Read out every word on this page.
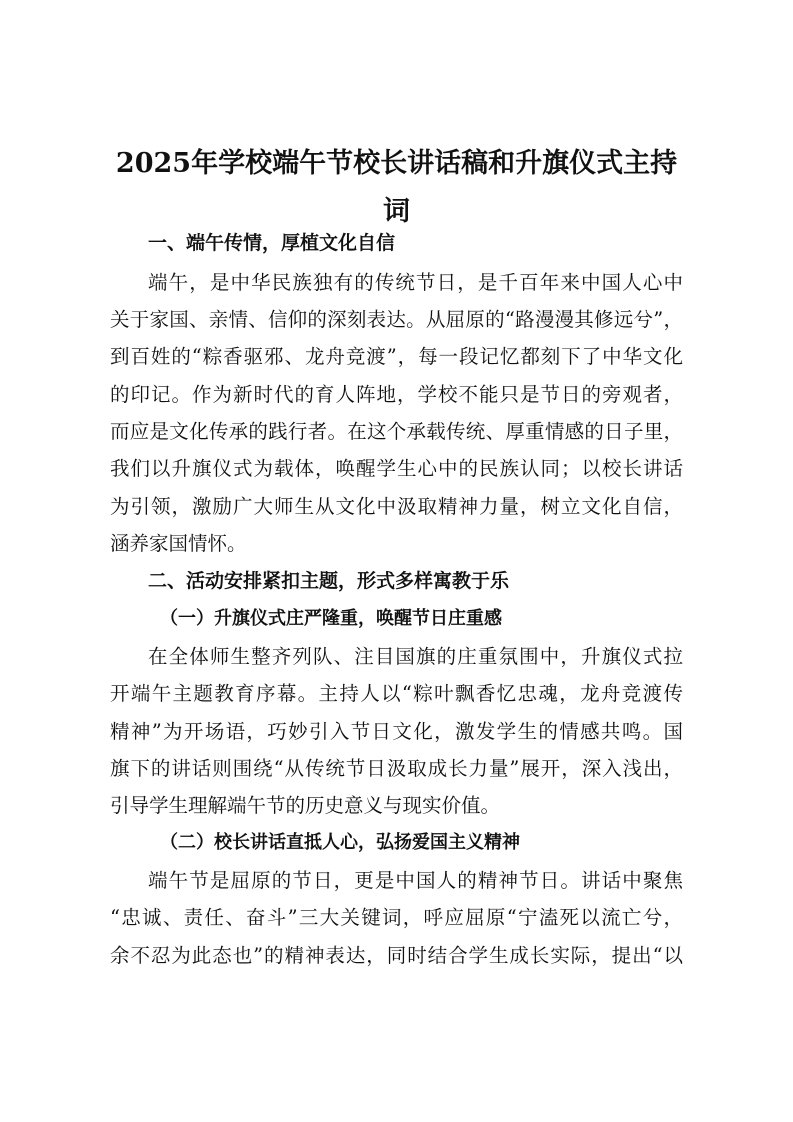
2025年学校端午节校长讲话稿和升旗仪式主持词
一、端午传情，厚植文化自信

端午，是中华民族独有的传统节日，是千百年来中国人心中

关于家国、亲情、信仰的深刻表达。从屈原的“路漫漫其修远兮”，

到百姓的“粽香驱邪、龙舟竞渡”，每一段记忆都刻下了中华文化

的印记。作为新时代的育人阵地，学校不能只是节日的旁观者，

而应是文化传承的践行者。在这个承载传统、厚重情感的日子里，

我们以升旗仪式为载体，唤醒学生心中的民族认同；以校长讲话

为引领，激励广大师生从文化中汲取精神力量，树立文化自信，

涵养家国情怀。

二、活动安排紧扣主题，形式多样寓教于乐
（一）升旗仪式庄严隆重，唤醒节日庄重感

在全体师生整齐列队、注目国旗的庄重氛围中，升旗仪式拉

开端午主题教育序幕。主持人以“粽叶飘香忆忠魂，龙舟竞渡传

精神”为开场语，巧妙引入节日文化，激发学生的情感共鸣。国

旗下的讲话则围绕“从传统节日汲取成长力量”展开，深入浅出，

引导学生理解端午节的历史意义与现实价值。

（二）校长讲话直抵人心，弘扬爱国主义精神

端午节是屈原的节日，更是中国人的精神节日。讲话中聚焦

“忠诚、责任、奋斗”三大关键词，呼应屈原“宁溘死以流亡兮，

余不忍为此态也”的精神表达，同时结合学生成长实际，提出“以
